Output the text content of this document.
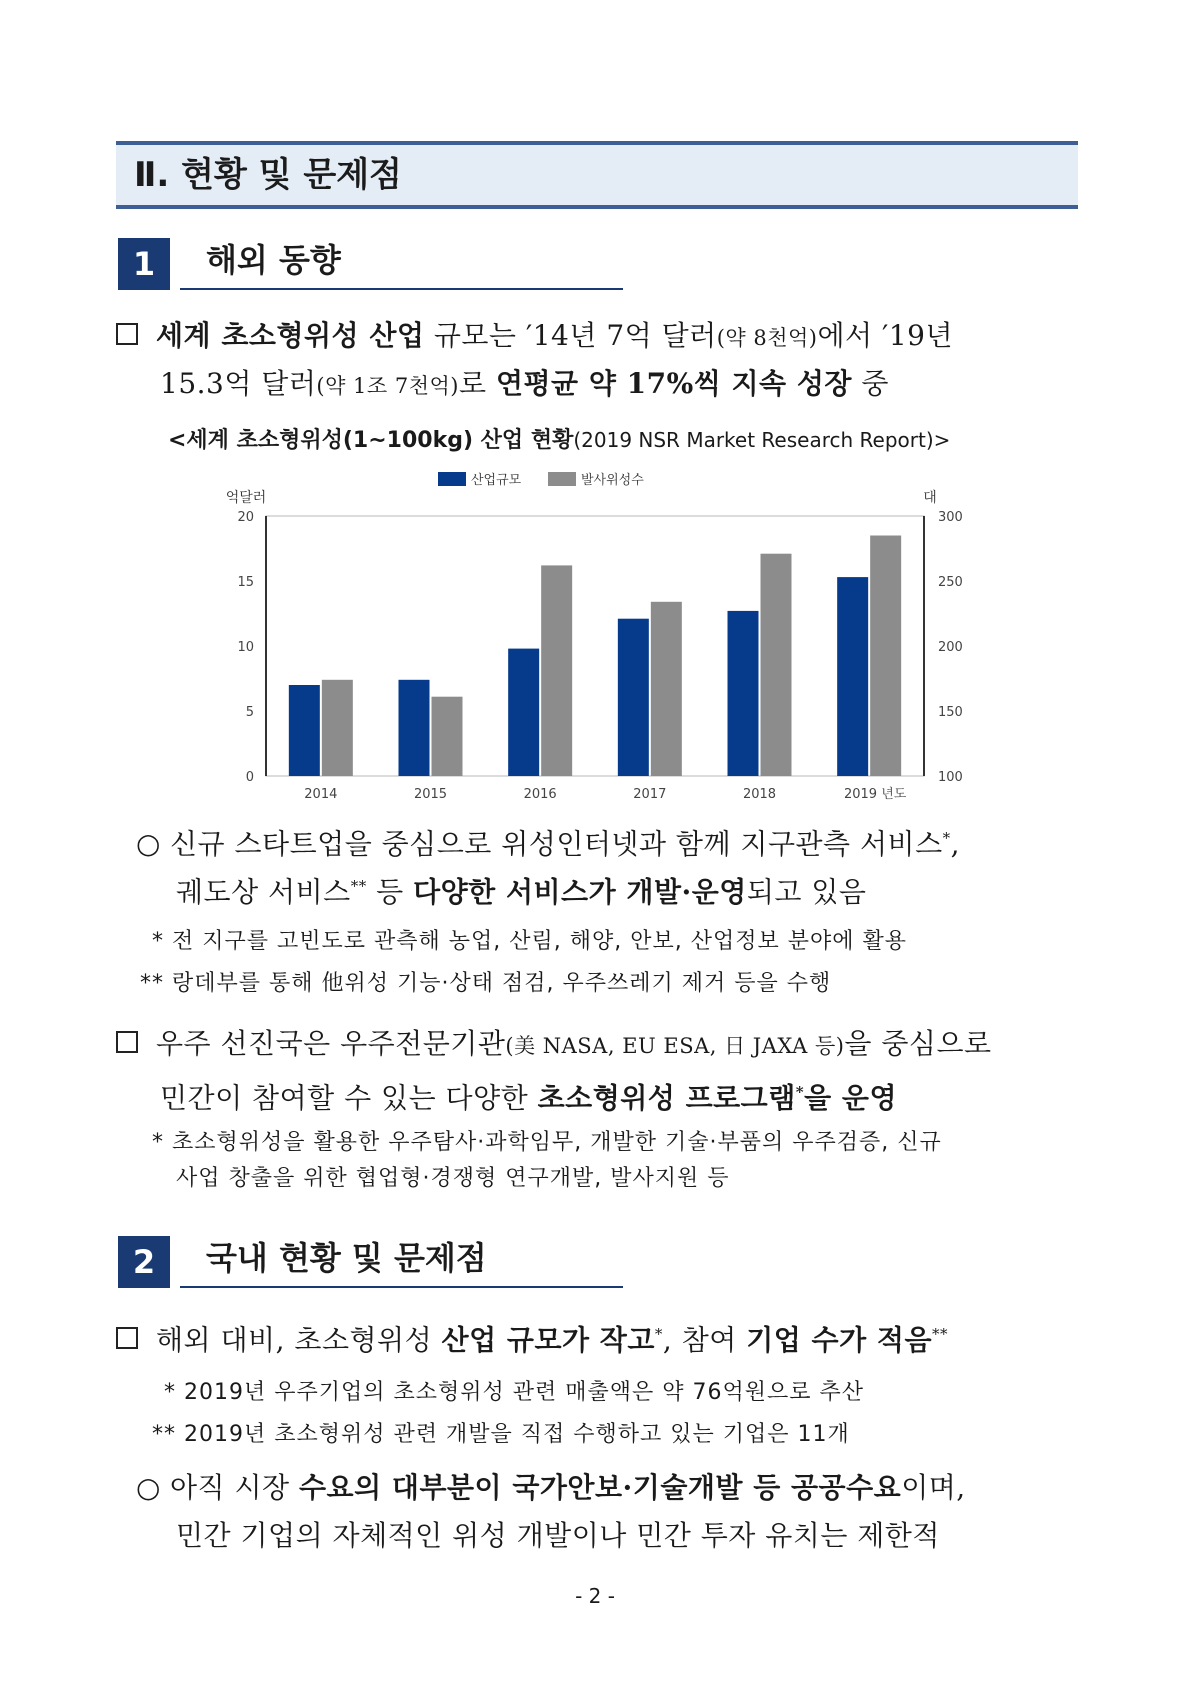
Ⅱ. 현황 및 문제점
1	해외 동향
세계 초소형위성 산업 규모는 ′14년 7억 달러(약 8천억)에서 ′19년
15.3억 달러(약 1조 7천억)로 연평균 약 17%씩 지속 성장 중
<세계 초소형위성(1~100kg) 산업 현황(2019 NSR Market Research Report)>
0
5
10
15
20
100
150
200
250
300
억달러	대
2014	2015	2016	2017	2018	2019 년도
산업규모	발사위성수
○ 신규 스타트업을 중심으로 위성인터넷과 함께 지구관측 서비스*,
궤도상 서비스** 등 다양한 서비스가 개발·운영되고 있음
* 전 지구를 고빈도로 관측해 농업, 산림, 해양, 안보, 산업정보 분야에 활용
** 랑데부를 통해 他위성 기능·상태 점검, 우주쓰레기 제거 등을 수행
우주 선진국은 우주전문기관(美 NASA, EU ESA, 日 JAXA 등)을 중심으로
민간이 참여할 수 있는 다양한 초소형위성 프로그램*을 운영
* 초소형위성을 활용한 우주탐사·과학임무, 개발한 기술·부품의 우주검증, 신규
사업 창출을 위한 협업형·경쟁형 연구개발, 발사지원 등
2	국내 현황 및 문제점
해외 대비, 초소형위성 산업 규모가 작고*, 참여 기업 수가 적음**
* 2019년 우주기업의 초소형위성 관련 매출액은 약 76억원으로 추산
** 2019년 초소형위성 관련 개발을 직접 수행하고 있는 기업은 11개
○ 아직 시장 수요의 대부분이 국가안보·기술개발 등 공공수요이며,
민간 기업의 자체적인 위성 개발이나 민간 투자 유치는 제한적
- 2 -
